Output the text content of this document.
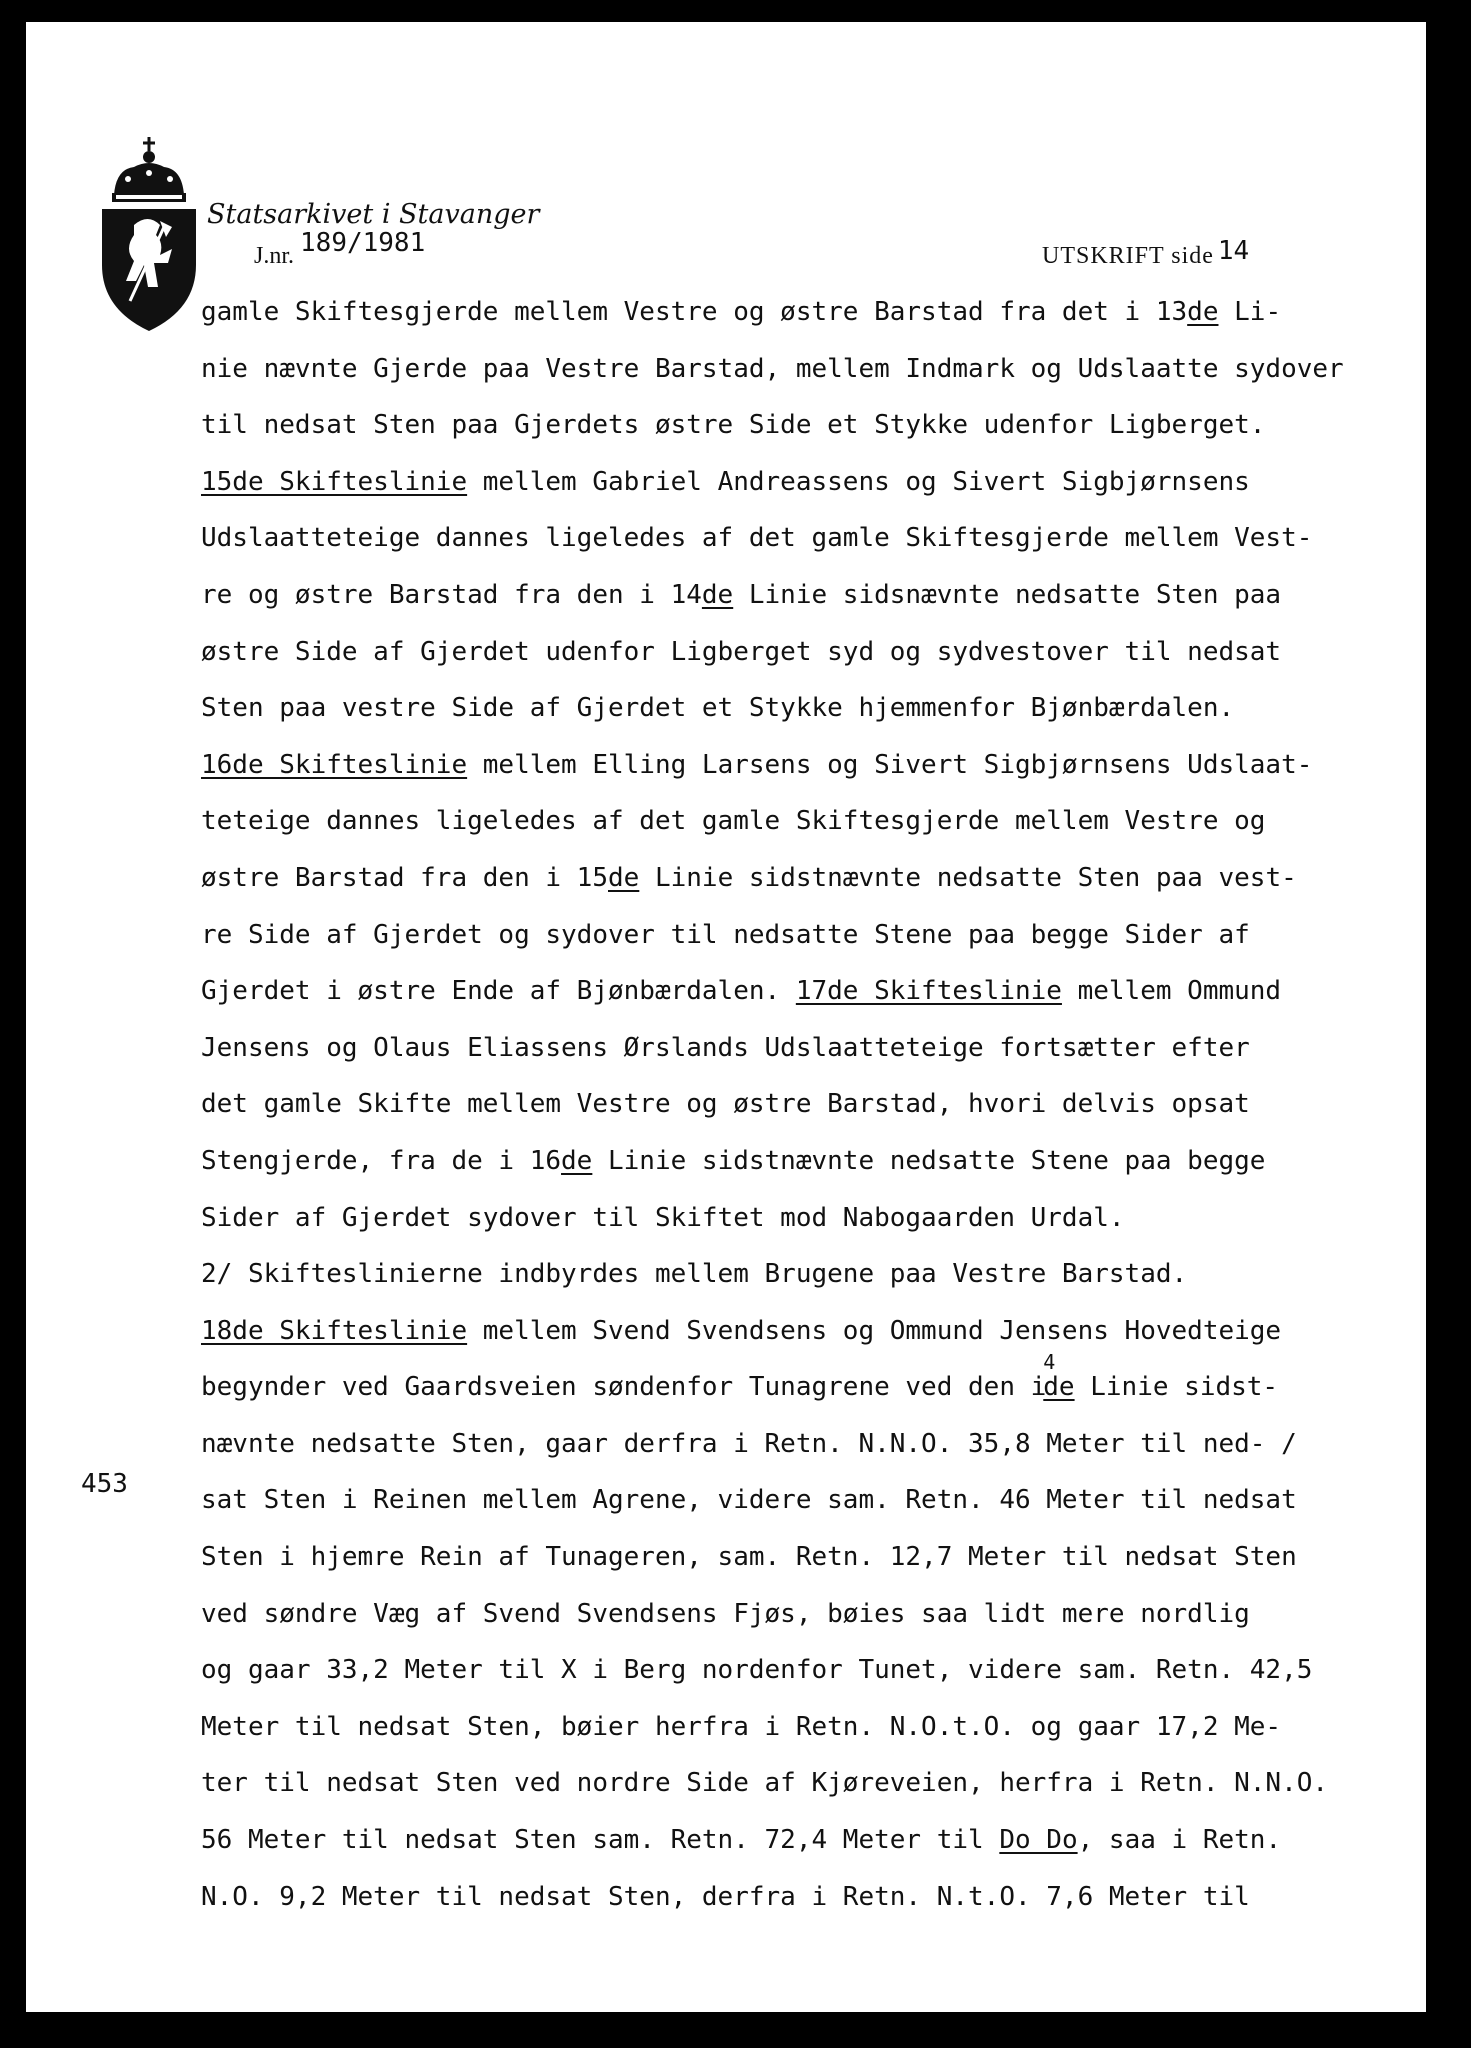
Statsarkivet i Stavanger
J.nr. 189/1981	UTSKRIFT side 14
gamle Skiftesgjerde mellem Vestre og østre Barstad fra det i 13de Li-
nie nævnte Gjerde paa Vestre Barstad, mellem Indmark og Udslaatte sydover
til nedsat Sten paa Gjerdets østre Side et Stykke udenfor Ligberget.
15de Skifteslinie mellem Gabriel Andreassens og Sivert Sigbjørnsens
Udslaatteteige dannes ligeledes af det gamle Skiftesgjerde mellem Vest-
re og østre Barstad fra den i 14de Linie sidsnævnte nedsatte Sten paa
østre Side af Gjerdet udenfor Ligberget syd og sydvestover til nedsat
Sten paa vestre Side af Gjerdet et Stykke hjemmenfor Bjønbærdalen.
16de Skifteslinie mellem Elling Larsens og Sivert Sigbjørnsens Udslaat-
teteige dannes ligeledes af det gamle Skiftesgjerde mellem Vestre og
østre Barstad fra den i 15de Linie sidstnævnte nedsatte Sten paa vest-
re Side af Gjerdet og sydover til nedsatte Stene paa begge Sider af
Gjerdet i østre Ende af Bjønbærdalen. 17de Skifteslinie mellem Ommund
Jensens og Olaus Eliassens Ørslands Udslaatteteige fortsætter efter
det gamle Skifte mellem Vestre og østre Barstad, hvori delvis opsat
Stengjerde, fra de i 16de Linie sidstnævnte nedsatte Stene paa begge
Sider af Gjerdet sydover til Skiftet mod Nabogaarden Urdal.
2/ Skifteslinierne indbyrdes mellem Brugene paa Vestre Barstad.
18de Skifteslinie mellem Svend Svendsens og Ommund Jensens Hovedteige
begynder ved Gaardsveien søndenfor Tunagrene ved den i4de Linie sidst-
nævnte nedsatte Sten, gaar derfra i Retn. N.N.O. 35,8 Meter til ned- /
sat Sten i Reinen mellem Agrene, videre sam. Retn. 46 Meter til nedsat
Sten i hjemre Rein af Tunageren, sam. Retn. 12,7 Meter til nedsat Sten
ved søndre Væg af Svend Svendsens Fjøs, bøies saa lidt mere nordlig
og gaar 33,2 Meter til X i Berg nordenfor Tunet, videre sam. Retn. 42,5
Meter til nedsat Sten, bøier herfra i Retn. N.O.t.O. og gaar 17,2 Me-
ter til nedsat Sten ved nordre Side af Kjøreveien, herfra i Retn. N.N.O.
56 Meter til nedsat Sten sam. Retn. 72,4 Meter til Do Do, saa i Retn.
N.O. 9,2 Meter til nedsat Sten, derfra i Retn. N.t.O. 7,6 Meter til
453
